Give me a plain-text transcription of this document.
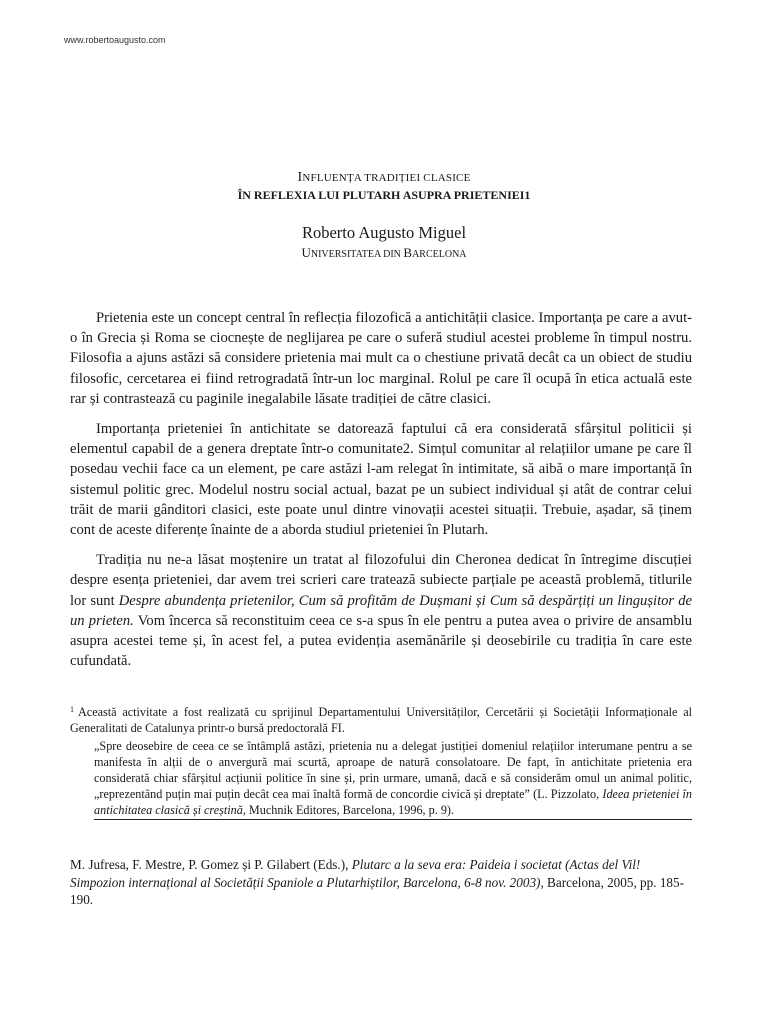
www.robertoaugusto.com
INFLUENȚA TRADIȚIEI CLASICE
ÎN REFLEXIA LUI PLUTARH ASUPRA PRIETENIEI1
Roberto Augusto Miguel
UNIVERSITATEA DIN BARCELONA

Prietenia este un concept central în reflecția filozofică a antichității clasice. Importanța pe care a avut-o în Grecia și Roma se ciocnește de neglijarea pe care o suferă studiul acestei probleme în timpul nostru. Filosofia a ajuns astăzi să considere prietenia mai mult ca o chestiune privată decât ca un obiect de studiu filosofic, cercetarea ei fiind retrogradată într-un loc marginal. Rolul pe care îl ocupă în etica actuală este rar și contrastează cu paginile inegalabile lăsate tradiției de către clasici.

Importanța prieteniei în antichitate se datorează faptului că era considerată sfârșitul politicii și elementul capabil de a genera dreptate într-o comunitate2. Simțul comunitar al relațiilor umane pe care îl posedau vechii face ca un element, pe care astăzi l-am relegat în intimitate, să aibă o mare importanță în sistemul politic grec. Modelul nostru social actual, bazat pe un subiect individual și atât de contrar celui trăit de marii gânditori clasici, este poate unul dintre vinovații acestei situații. Trebuie, așadar, să ținem cont de aceste diferențe înainte de a aborda studiul prieteniei în Plutarh.

Tradiția nu ne-a lăsat moștenire un tratat al filozofului din Cheronea dedicat în întregime discuției despre esența prieteniei, dar avem trei scrieri care tratează subiecte parțiale pe această problemă, titlurile lor sunt Despre abundența prietenilor, Cum să profităm de Dușmani și Cum să despărțiți un lingușitor de un prieten. Vom încerca să reconstituim ceea ce s-a spus în ele pentru a putea avea o privire de ansamblu asupra acestei teme și, în acest fel, a putea evidenția asemănările și deosebirile cu tradiția în care este cufundată.

$^1$ Această activitate a fost realizată cu sprijinul Departamentului Universităților, Cercetării și Societății Informaționale al Generalitati de Catalunya printr-o bursă predoctorală FI.

„Spre deosebire de ceea ce se întâmplă astăzi, prietenia nu a delegat justiției domeniul relațiilor interumane pentru a se manifesta în alții de o anvergură mai scurtă, aproape de natură consolatoare. De fapt, în antichitate prietenia era considerată chiar sfârșitul acțiunii politice în sine și, prin urmare, umană, dacă e să considerăm omul un animal politic, „reprezentând puțin mai puțin decât cea mai înaltă formă de concordie civică și dreptate” (L. Pizzolato, Ideea prieteniei în antichitatea clasică și creștină, Muchnik Editores, Barcelona, 1996, p. 9).

M. Jufresa, F. Mestre, P. Gomez și P. Gilabert (Eds.), Plutarc a la seva era: Paideia i societat (Actas del Vil! Simpozion internațional al Societății Spaniole a Plutarhiștilor, Barcelona, 6-8 nov. 2003), Barcelona, 2005, pp. 185-190.
